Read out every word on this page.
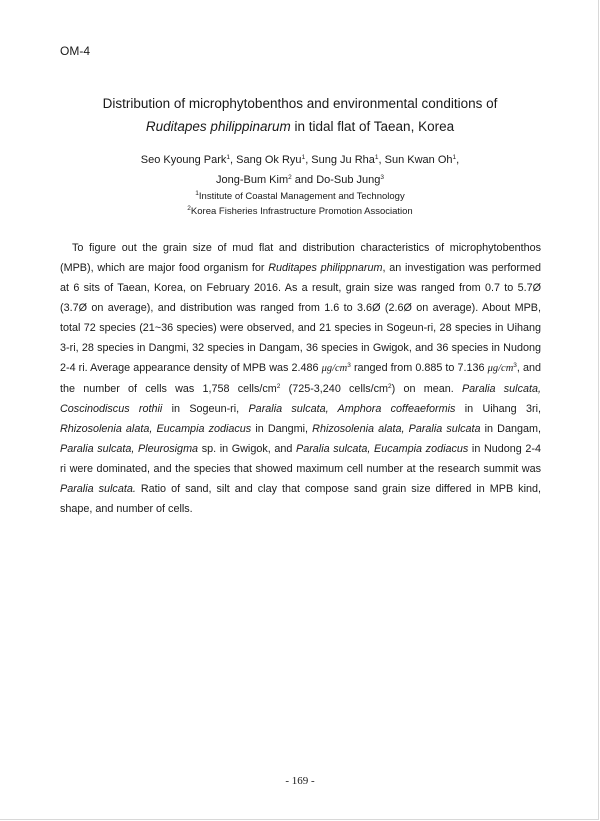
OM-4
Distribution of microphytobenthos and environmental conditions of
Ruditapes philippinarum in tidal flat of Taean, Korea
Seo Kyoung Park$^1$, Sang Ok Ryu$^1$, Sung Ju Rha$^1$, Sun Kwan Oh$^1$,
Jong-Bum Kim$^2$ and Do-Sub Jung$^3$
$^1$Institute of Coastal Management and Technology
$^2$Korea Fisheries Infrastructure Promotion Association
To figure out the grain size of mud flat and distribution characteristics of microphytobenthos (MPB), which are major food organism for Ruditapes philippnarum, an investigation was performed at 6 sits of Taean, Korea, on February 2016. As a result, grain size was ranged from 0.7 to 5.7Ø (3.7Ø on average), and distribution was ranged from 1.6 to 3.6Ø (2.6Ø on average). About MPB, total 72 species (21~36 species) were observed, and 21 species in Sogeun-ri, 28 species in Uihang 3-ri, 28 species in Dangmi, 32 species in Dangam, 36 species in Gwigok, and 36 species in Nudong 2-4 ri. Average appearance density of MPB was 2.486 $\mu g/cm^3$ ranged from 0.885 to 7.136 $\mu g/cm^3$, and the number of cells was 1,758 cells/$cm^2$ (725-3,240 cells/$cm^2$) on mean. Paralia sulcata, Coscinodiscus rothii in Sogeun-ri, Paralia sulcata, Amphora coffeaeformis in Uihang 3ri, Rhizosolenia alata, Eucampia zodiacus in Dangmi, Rhizosolenia alata, Paralia sulcata in Dangam, Paralia sulcata, Pleurosigma sp. in Gwigok, and Paralia sulcata, Eucampia zodiacus in Nudong 2-4 ri were dominated, and the species that showed maximum cell number at the research summit was Paralia sulcata. Ratio of sand, silt and clay that compose sand grain size differed in MPB kind, shape, and number of cells.
- 169 -
